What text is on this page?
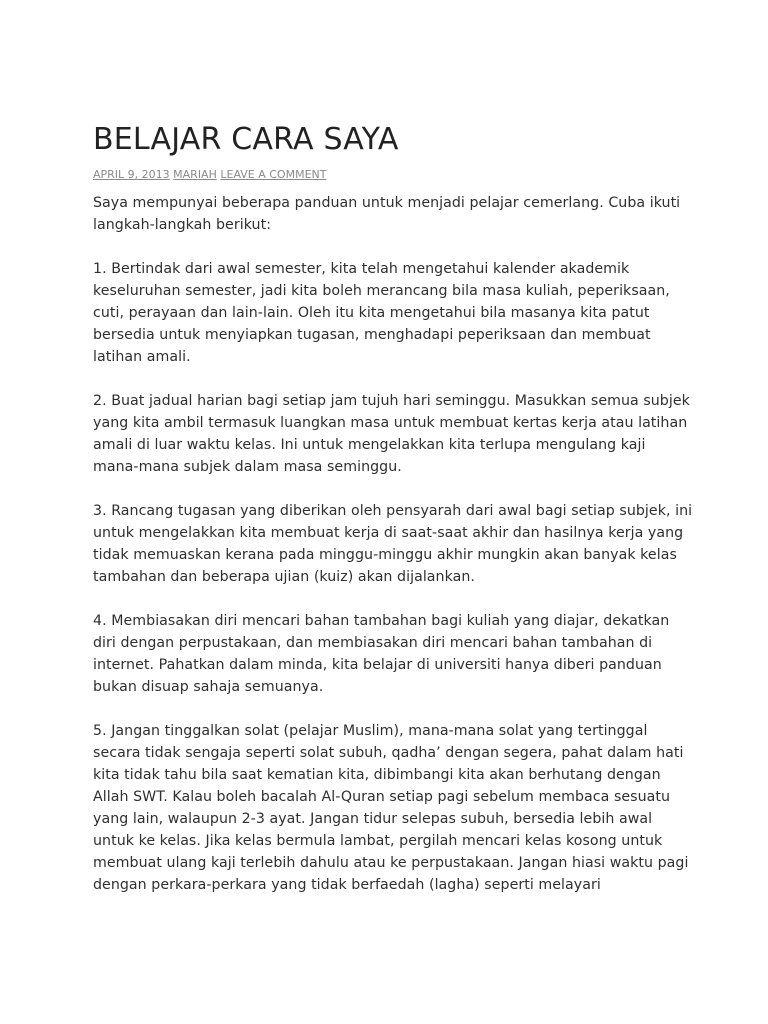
BELAJAR CARA SAYA
APRIL 9, 2013 MARIAH LEAVE A COMMENT

Saya mempunyai beberapa panduan untuk menjadi pelajar cemerlang. Cuba ikuti langkah-langkah berikut:

1. Bertindak dari awal semester, kita telah mengetahui kalender akademik keseluruhan semester, jadi kita boleh merancang bila masa kuliah, peperiksaan, cuti, perayaan dan lain-lain. Oleh itu kita mengetahui bila masanya kita patut bersedia untuk menyiapkan tugasan, menghadapi peperiksaan dan membuat latihan amali.

2. Buat jadual harian bagi setiap jam tujuh hari seminggu. Masukkan semua subjek yang kita ambil termasuk luangkan masa untuk membuat kertas kerja atau latihan amali di luar waktu kelas. Ini untuk mengelakkan kita terlupa mengulang kaji mana-mana subjek dalam masa seminggu.

3. Rancang tugasan yang diberikan oleh pensyarah dari awal bagi setiap subjek, ini untuk mengelakkan kita membuat kerja di saat-saat akhir dan hasilnya kerja yang tidak memuaskan kerana pada minggu-minggu akhir mungkin akan banyak kelas tambahan dan beberapa ujian (kuiz) akan dijalankan.

4. Membiasakan diri mencari bahan tambahan bagi kuliah yang diajar, dekatkan diri dengan perpustakaan, dan membiasakan diri mencari bahan tambahan di internet. Pahatkan dalam minda, kita belajar di universiti hanya diberi panduan bukan disuap sahaja semuanya.

5. Jangan tinggalkan solat (pelajar Muslim), mana-mana solat yang tertinggal secara tidak sengaja seperti solat subuh, qadha’ dengan segera, pahat dalam hati kita tidak tahu bila saat kematian kita, dibimbangi kita akan berhutang dengan Allah SWT. Kalau boleh bacalah Al-Quran setiap pagi sebelum membaca sesuatu yang lain, walaupun 2-3 ayat. Jangan tidur selepas subuh, bersedia lebih awal untuk ke kelas. Jika kelas bermula lambat, pergilah mencari kelas kosong untuk membuat ulang kaji terlebih dahulu atau ke perpustakaan. Jangan hiasi waktu pagi dengan perkara-perkara yang tidak berfaedah (lagha) seperti melayari
